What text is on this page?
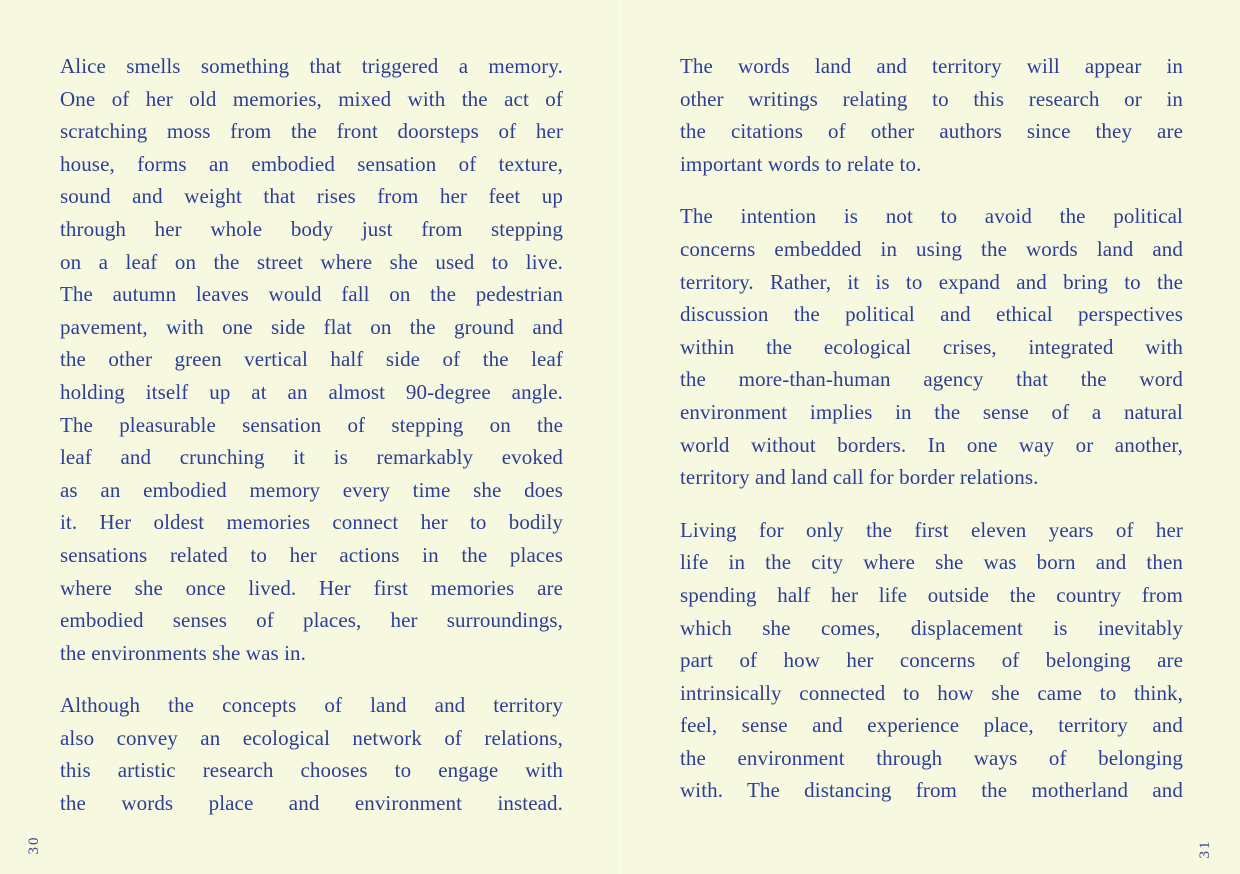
Alice smells something that triggered a memory.
One of her old memories, mixed with the act of
scratching moss from the front doorsteps of her
house, forms an embodied sensation of texture,
sound and weight that rises from her feet up
through her whole body just from stepping
on a leaf on the street where she used to live.
The autumn leaves would fall on the pedestrian
pavement, with one side flat on the ground and
the other green vertical half side of the leaf
holding itself up at an almost 90-degree angle.
The pleasurable sensation of stepping on the
leaf and crunching it is remarkably evoked
as an embodied memory every time she does
it. Her oldest memories connect her to bodily
sensations related to her actions in the places
where she once lived. Her first memories are
embodied senses of places, her surroundings,
the environments she was in.
Although the concepts of land and territory
also convey an ecological network of relations,
this artistic research chooses to engage with
the words place and environment instead.
The words land and territory will appear in
other writings relating to this research or in
the citations of other authors since they are
important words to relate to.
The intention is not to avoid the political
concerns embedded in using the words land and
territory. Rather, it is to expand and bring to the
discussion the political and ethical perspectives
within the ecological crises, integrated with
the more-than-human agency that the word
environment implies in the sense of a natural
world without borders. In one way or another,
territory and land call for border relations.
Living for only the first eleven years of her
life in the city where she was born and then
spending half her life outside the country from
which she comes, displacement is inevitably
part of how her concerns of belonging are
intrinsically connected to how she came to think,
feel, sense and experience place, territory and
the environment through ways of belonging
with. The distancing from the motherland and
30	31
